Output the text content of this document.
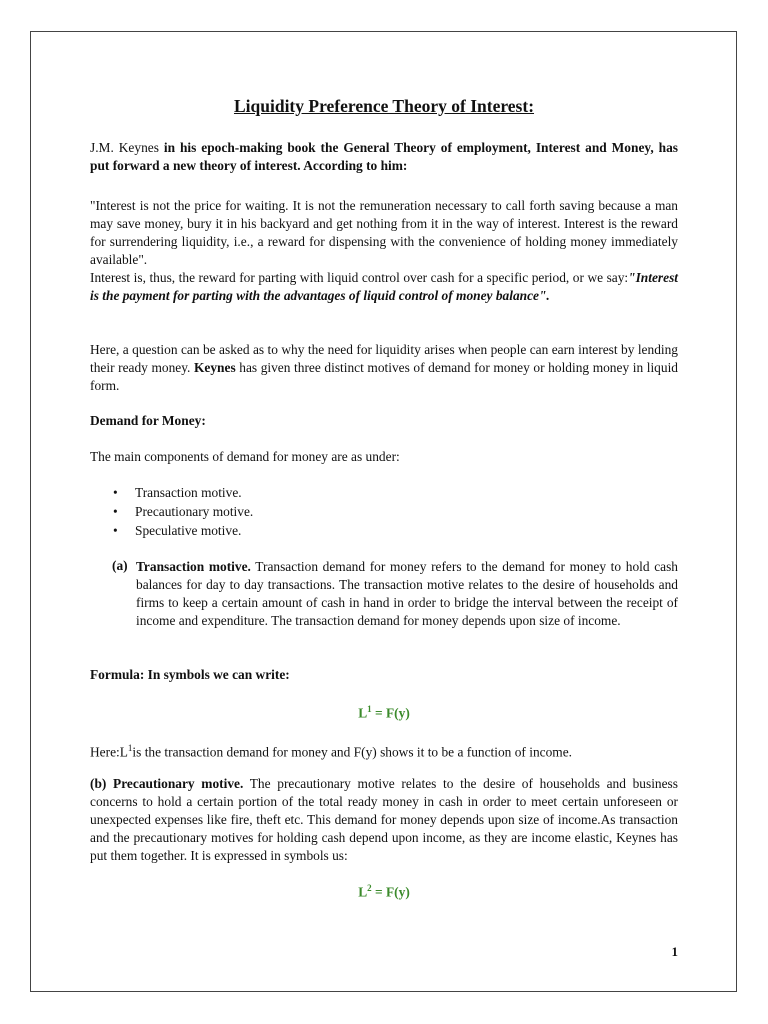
Liquidity Preference Theory of Interest:

J.M. Keynes in his epoch-making book the General Theory of employment, Interest and Money, has put forward a new theory of interest. According to him:

"Interest is not the price for waiting. It is not the remuneration necessary to call forth saving because a man may save money, bury it in his backyard and get nothing from it in the way of interest. Interest is the reward for surrendering liquidity, i.e., a reward for dispensing with the convenience of holding money immediately available".

Interest is, thus, the reward for parting with liquid control over cash for a specific period, or we say:"Interest is the payment for parting with the advantages of liquid control of money balance".

Here, a question can be asked as to why the need for liquidity arises when people can earn interest by lending their ready money. Keynes has given three distinct motives of demand for money or holding money in liquid form.

Demand for Money:

The main components of demand for money are as under:

• Transaction motive.
• Precautionary motive.
• Speculative motive.
(a) Transaction motive. Transaction demand for money refers to the demand for money to hold cash balances for day to day transactions. The transaction motive relates to the desire of households and firms to keep a certain amount of cash in hand in order to bridge the interval between the receipt of income and expenditure. The transaction demand for money depends upon size of income.

Formula: In symbols we can write:

$L^1 = F(y)$

$Here:L^1is$ the transaction demand for money and F(y) shows it to be a function of income.

(b) Precautionary motive. The precautionary motive relates to the desire of households and business concerns to hold a certain portion of the total ready money in cash in order to meet certain unforeseen or unexpected expenses like fire, theft etc. This demand for money depends upon size of income.As transaction and the precautionary motives for holding cash depend upon income, as they are income elastic, Keynes has put them together. It is expressed in symbols us:

$L^2 = F(y)$
1
